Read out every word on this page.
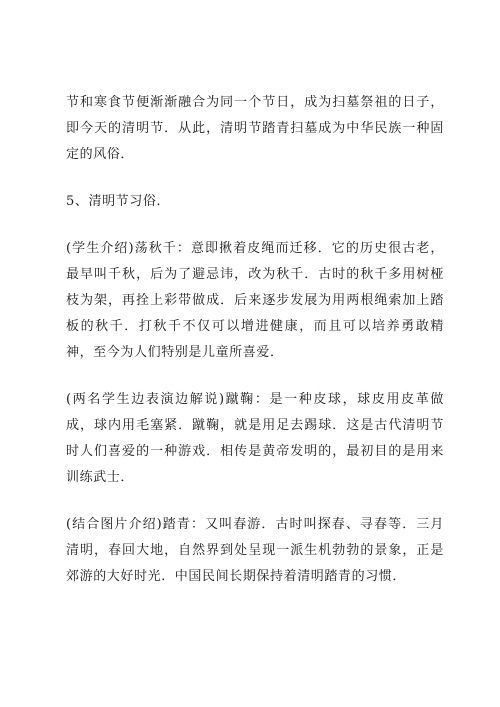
节和寒食节便渐渐融合为同一个节日，成为扫墓祭祖的日子，即今天的清明节．从此，清明节踏青扫墓成为中华民族一种固定的风俗．

5、清明节习俗．

(学生介绍)荡秋千：意即揪着皮绳而迁移．它的历史很古老，最早叫千秋，后为了避忌讳，改为秋千．古时的秋千多用树桠枝为架，再拴上彩带做成．后来逐步发展为用两根绳索加上踏板的秋千．打秋千不仅可以增进健康，而且可以培养勇敢精神，至今为人们特别是儿童所喜爱．

(两名学生边表演边解说)蹴鞠：是一种皮球，球皮用皮革做成，球内用毛塞紧．蹴鞠，就是用足去踢球．这是古代清明节时人们喜爱的一种游戏．相传是黄帝发明的，最初目的是用来训练武士．

(结合图片介绍)踏青：又叫春游．古时叫探春、寻春等．三月清明，春回大地，自然界到处呈现一派生机勃勃的景象，正是郊游的大好时光．中国民间长期保持着清明踏青的习惯．
